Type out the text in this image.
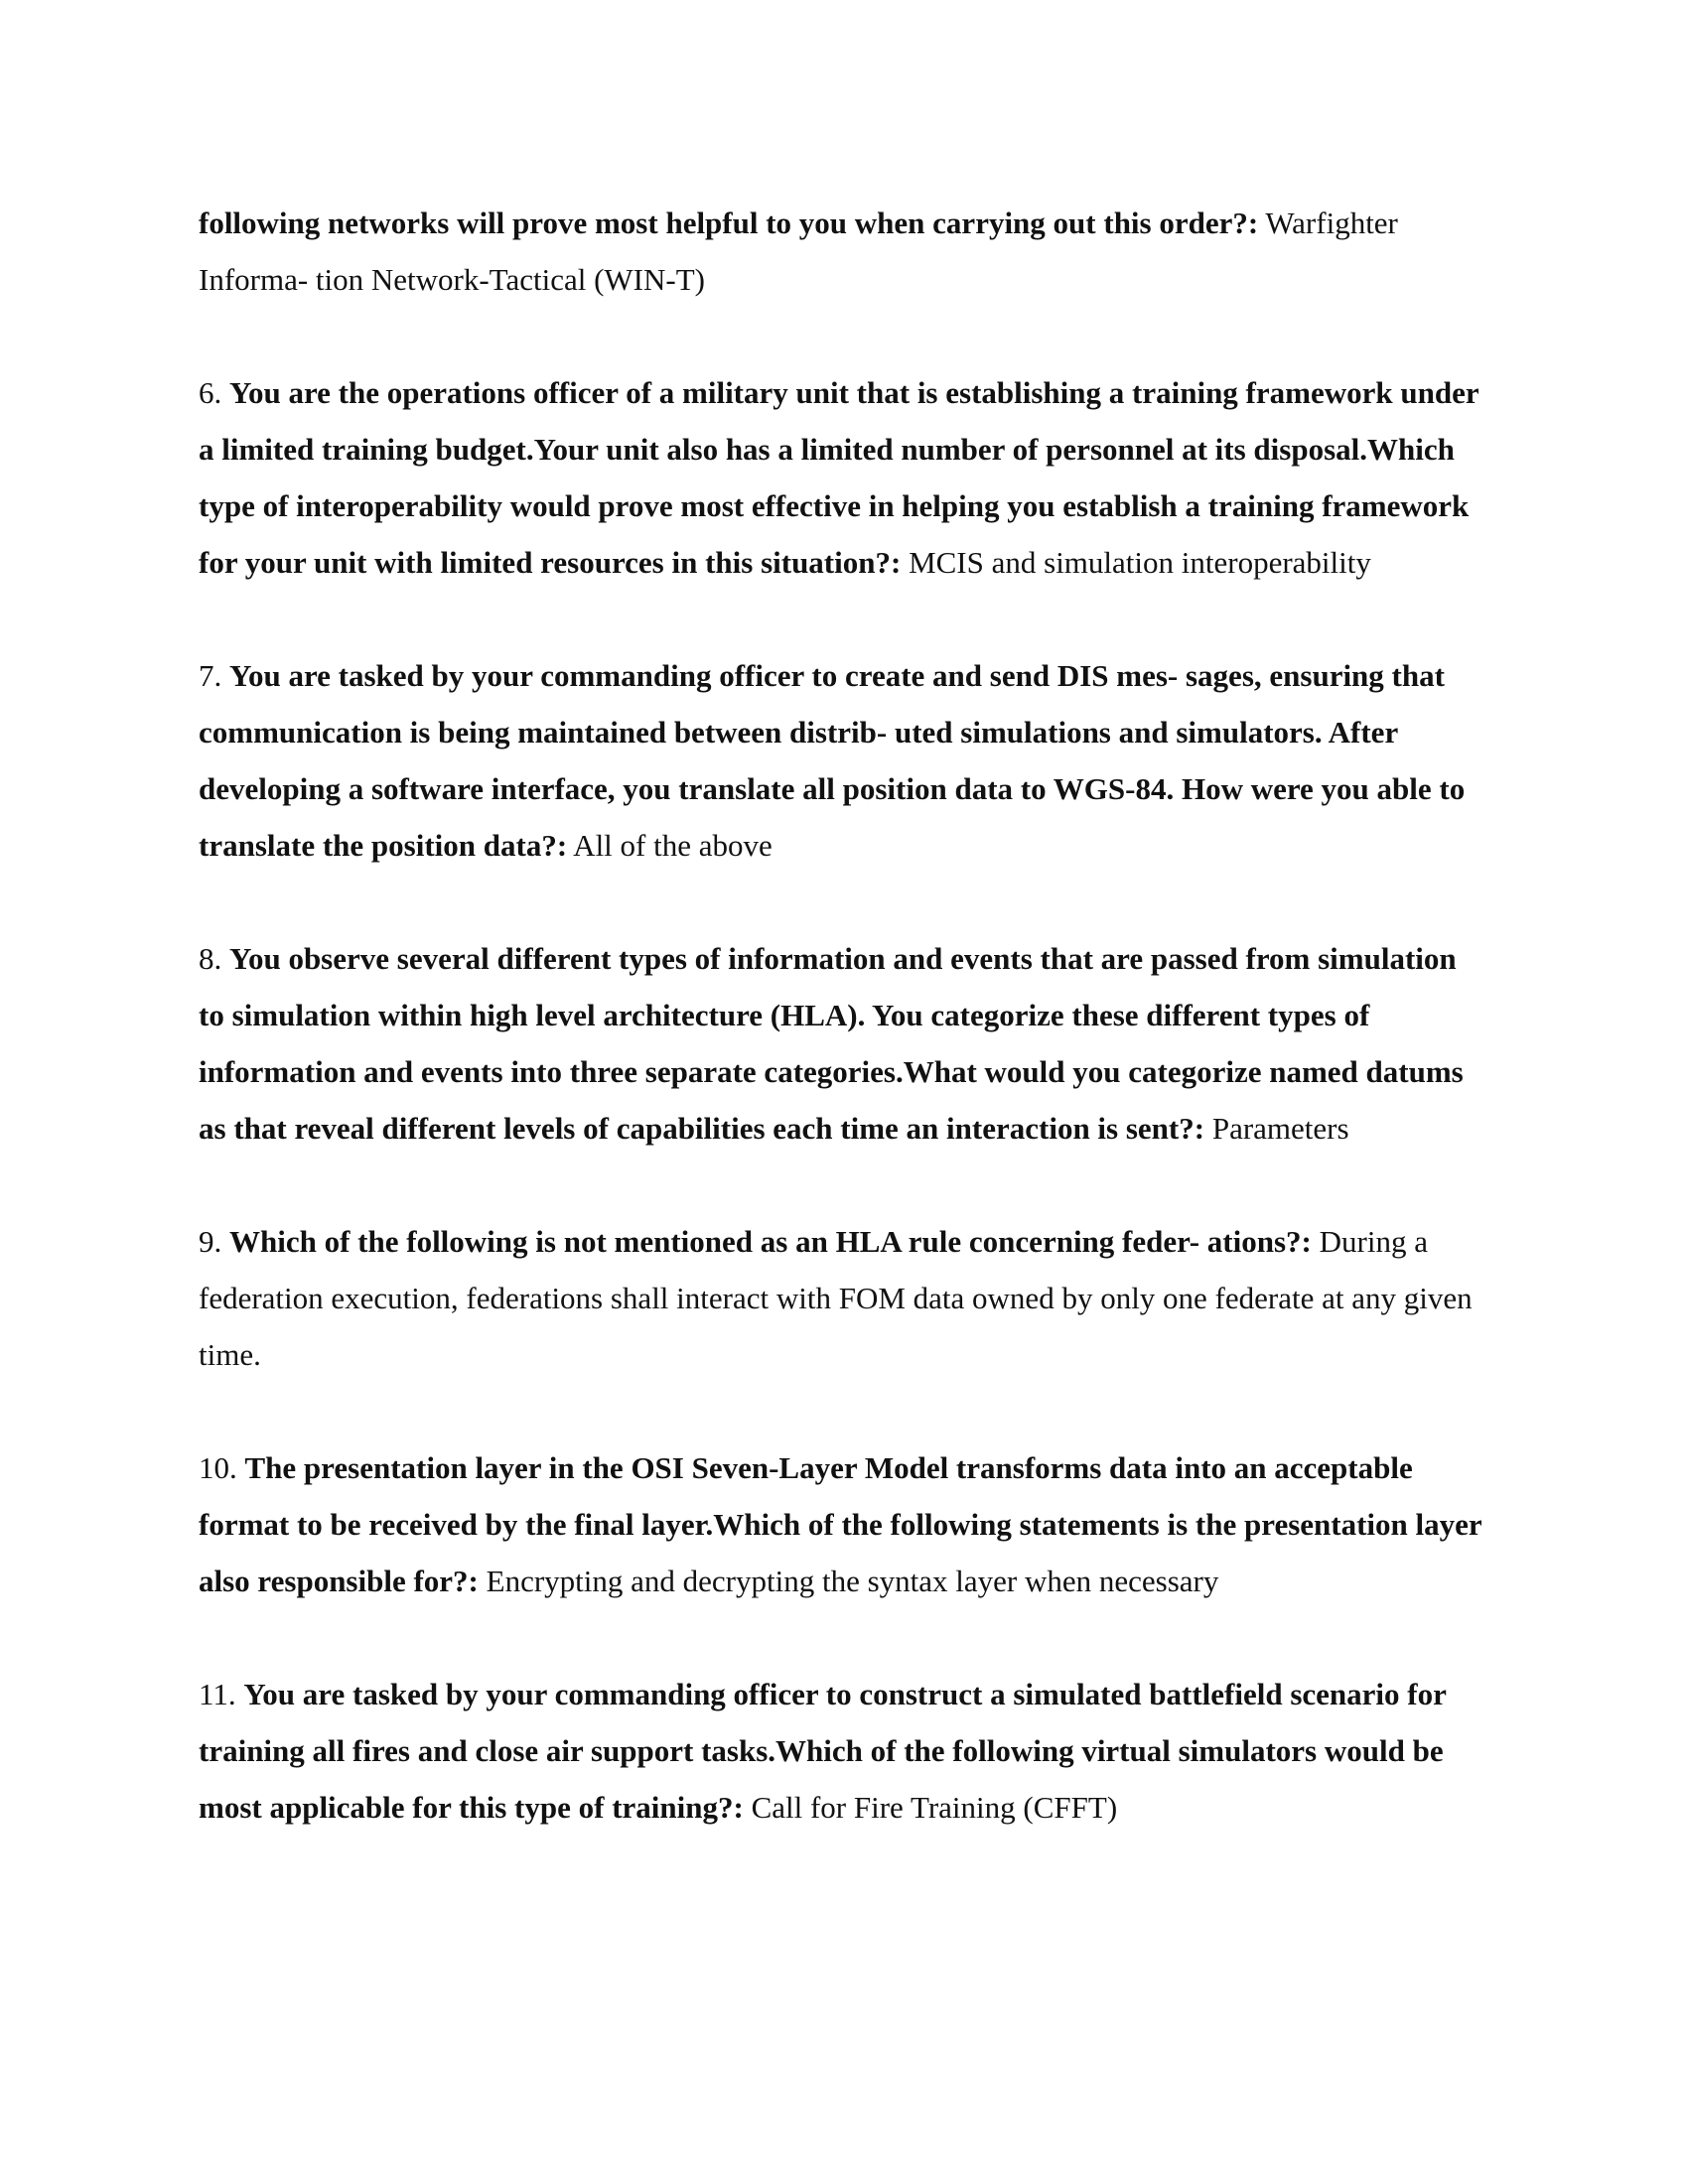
following networks will prove most helpful to you when carrying out this order?: Warfighter Informa- tion Network-Tactical (WIN-T)

6. You are the operations officer of a military unit that is establishing a training framework under a limited training budget.Your unit also has a limited number of personnel at its disposal.Which type of interoperability would prove most effective in helping you establish a training framework for your unit with limited resources in this situation?: MCIS and simulation interoperability

7. You are tasked by your commanding officer to create and send DIS mes- sages, ensuring that communication is being maintained between distrib- uted simulations and simulators. After developing a software interface, you translate all position data to WGS-84. How were you able to translate the position data?: All of the above

8. You observe several different types of information and events that are passed from simulation to simulation within high level architecture (HLA). You categorize these different types of information and events into three separate categories.What would you categorize named datums as that reveal different levels of capabilities each time an interaction is sent?: Parameters

9. Which of the following is not mentioned as an HLA rule concerning feder- ations?: During a federation execution, federations shall interact with FOM data owned by only one federate at any given time.

10. The presentation layer in the OSI Seven-Layer Model transforms data into an acceptable format to be received by the final layer.Which of the following statements is the presentation layer also responsible for?: Encrypting and decrypting the syntax layer when necessary

11. You are tasked by your commanding officer to construct a simulated battlefield scenario for training all fires and close air support tasks.Which of the following virtual simulators would be most applicable for this type of training?: Call for Fire Training (CFFT)
